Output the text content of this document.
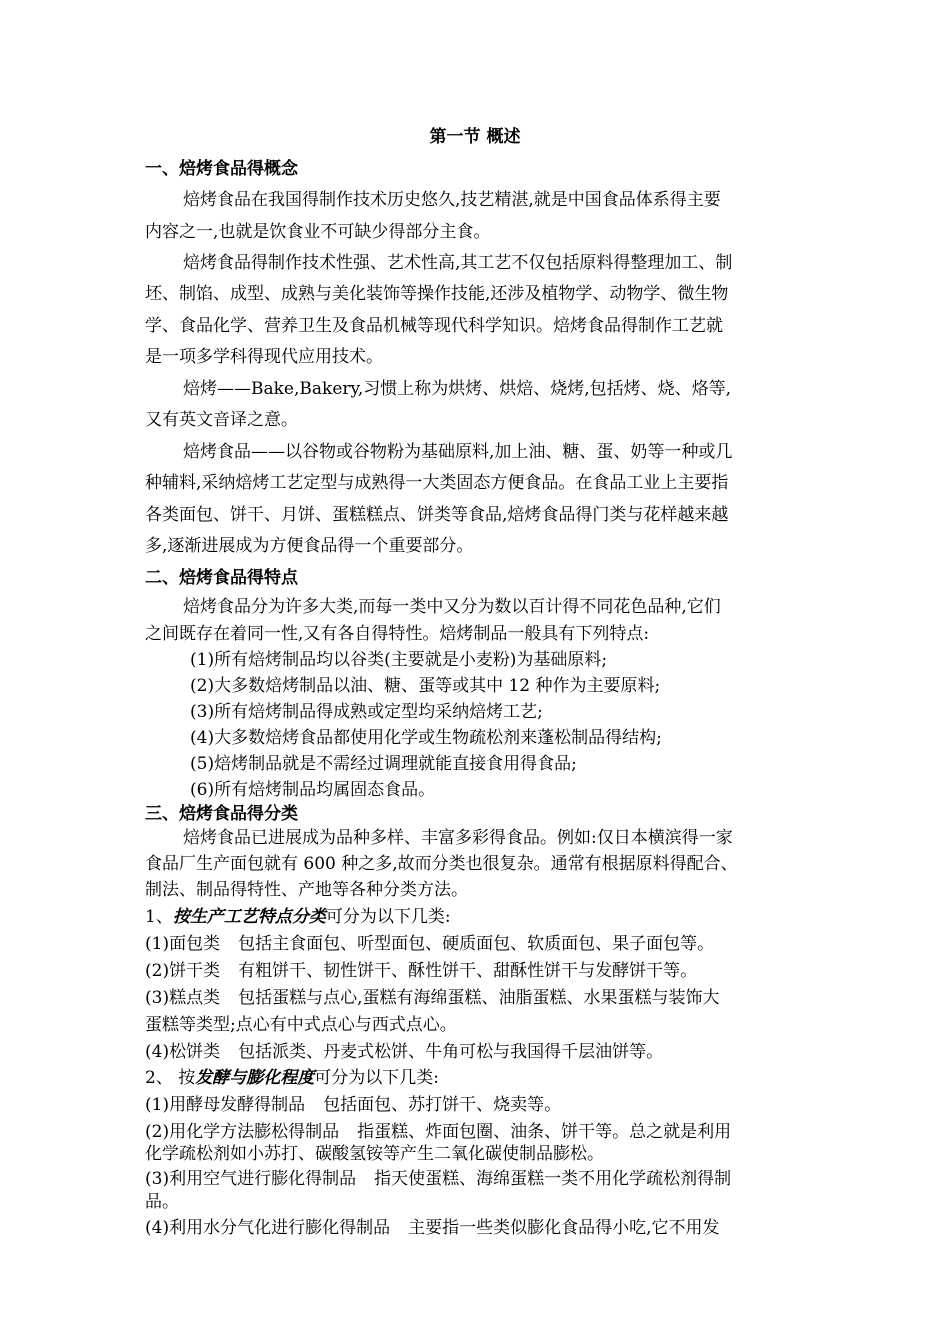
第一节 概述
一、焙烤食品得概念
焙烤食品在我国得制作技术历史悠久,技艺精湛,就是中国食品体系得主要
内容之一,也就是饮食业不可缺少得部分主食。
焙烤食品得制作技术性强、艺术性高,其工艺不仅包括原料得整理加工、制
坯、制馅、成型、成熟与美化装饰等操作技能,还涉及植物学、动物学、微生物
学、食品化学、营养卫生及食品机械等现代科学知识。焙烤食品得制作工艺就
是一项多学科得现代应用技术。
焙烤——Bake,Bakery,习惯上称为烘烤、烘焙、烧烤,包括烤、烧、烙等,
又有英文音译之意。
焙烤食品——以谷物或谷物粉为基础原料,加上油、糖、蛋、奶等一种或几
种辅料,采纳焙烤工艺定型与成熟得一大类固态方便食品。在食品工业上主要指
各类面包、饼干、月饼、蛋糕糕点、饼类等食品,焙烤食品得门类与花样越来越
多,逐渐进展成为方便食品得一个重要部分。
二、焙烤食品得特点
焙烤食品分为许多大类,而每一类中又分为数以百计得不同花色品种,它们
之间既存在着同一性,又有各自得特性。焙烤制品一般具有下列特点:
(1)所有焙烤制品均以谷类(主要就是小麦粉)为基础原料;
(2)大多数焙烤制品以油、糖、蛋等或其中 12 种作为主要原料;
(3)所有焙烤制品得成熟或定型均采纳焙烤工艺;
(4)大多数焙烤食品都使用化学或生物疏松剂来蓬松制品得结构;
(5)焙烤制品就是不需经过调理就能直接食用得食品;
(6)所有焙烤制品均属固态食品。
三、焙烤食品得分类
焙烤食品已进展成为品种多样、丰富多彩得食品。例如:仅日本横滨得一家
食品厂生产面包就有 600 种之多,故而分类也很复杂。通常有根据原料得配合、
制法、制品得特性、产地等各种分类方法。
1、按生产工艺特点分类可分为以下几类:
(1)面包类 包括主食面包、听型面包、硬质面包、软质面包、果子面包等。
(2)饼干类 有粗饼干、韧性饼干、酥性饼干、甜酥性饼干与发酵饼干等。
(3)糕点类 包括蛋糕与点心,蛋糕有海绵蛋糕、油脂蛋糕、水果蛋糕与装饰大
蛋糕等类型;点心有中式点心与西式点心。
(4)松饼类 包括派类、丹麦式松饼、牛角可松与我国得千层油饼等。
2、 按发酵与膨化程度可分为以下几类:
(1)用酵母发酵得制品 包括面包、苏打饼干、烧卖等。
(2)用化学方法膨松得制品 指蛋糕、炸面包圈、油条、饼干等。总之就是利用
化学疏松剂如小苏打、碳酸氢铵等产生二氧化碳使制品膨松。
(3)利用空气进行膨化得制品 指天使蛋糕、海绵蛋糕一类不用化学疏松剂得制
品。
(4)利用水分气化进行膨化得制品 主要指一些类似膨化食品得小吃,它不用发
